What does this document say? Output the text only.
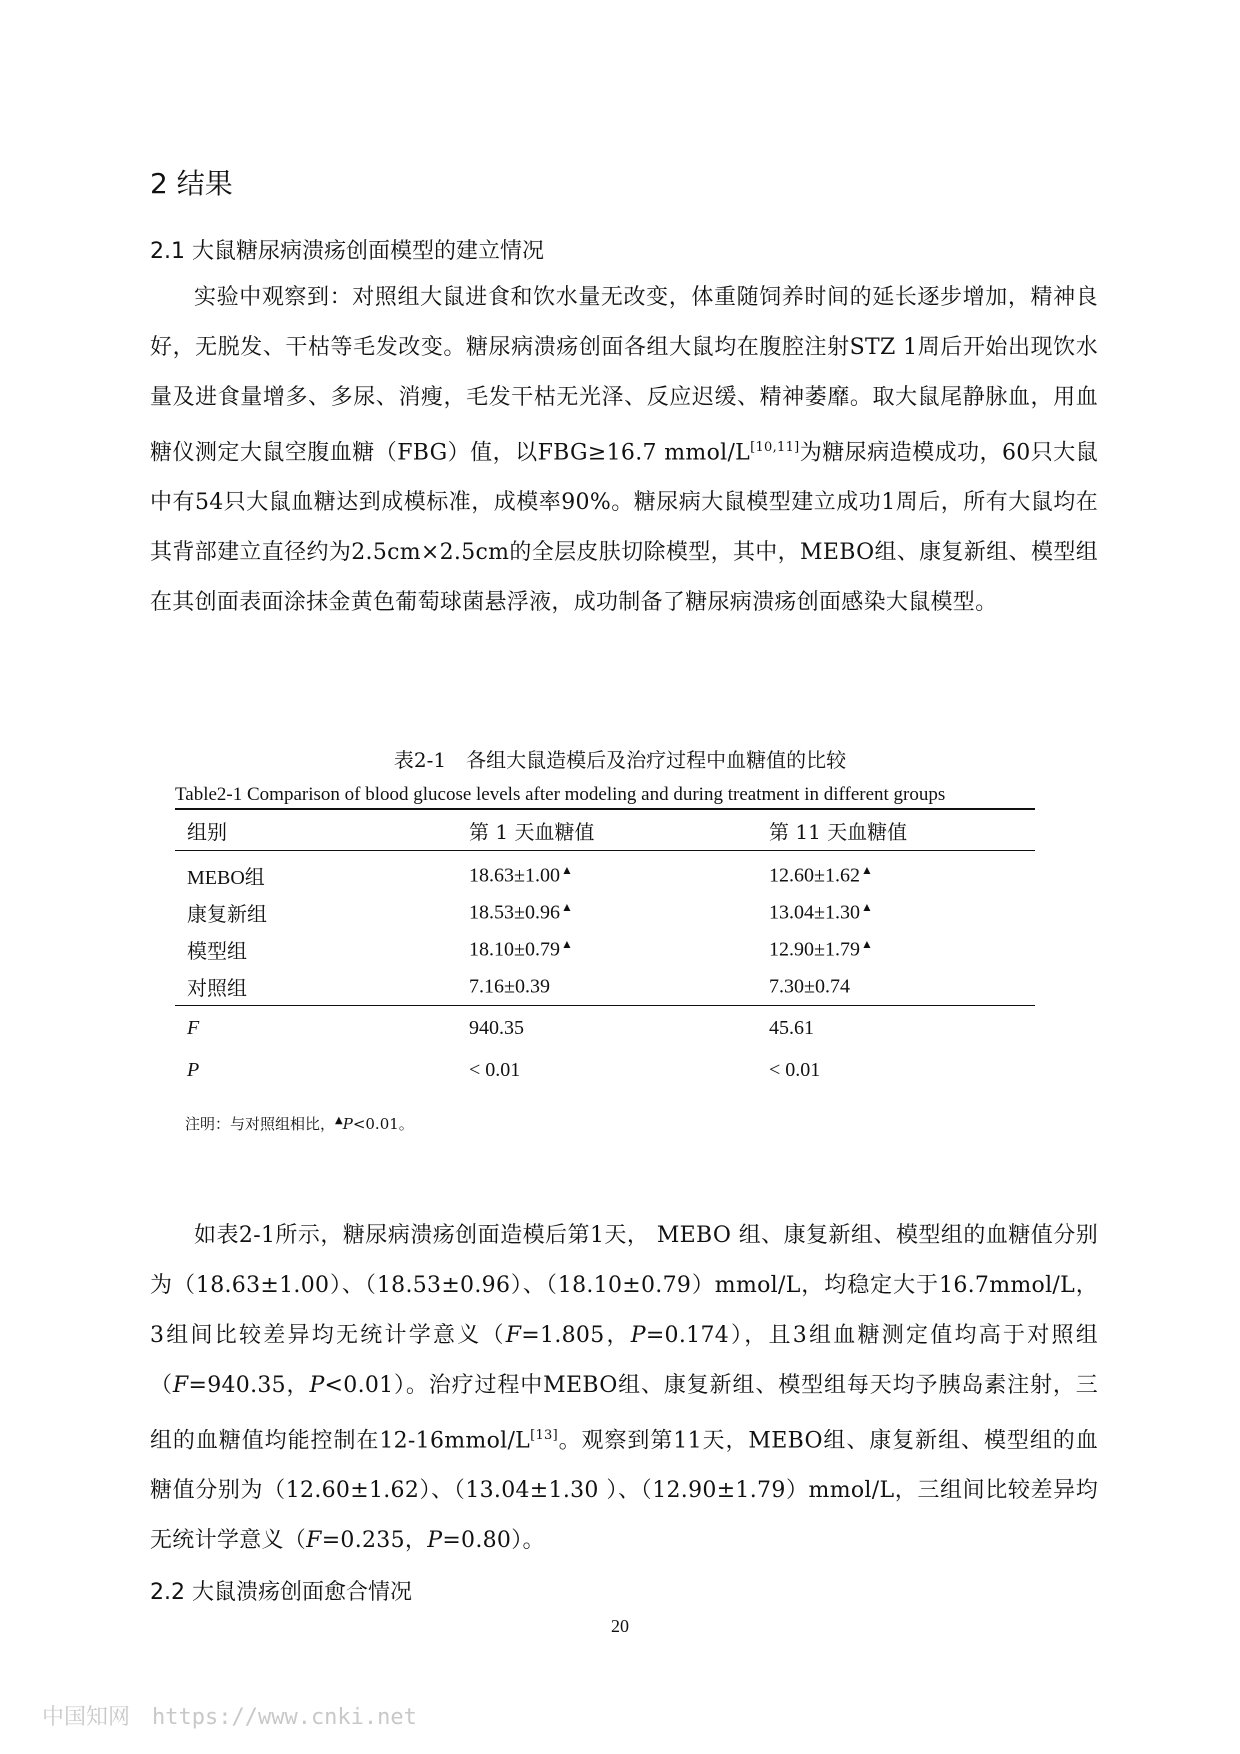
2 结果
2.1 大鼠糖尿病溃疡创面模型的建立情况

实验中观察到：对照组大鼠进食和饮水量无改变，体重随饲养时间的延长逐步增加，精神良好，无脱发、干枯等毛发改变。糖尿病溃疡创面各组大鼠均在腹腔注射STZ 1周后开始出现饮水量及进食量增多、多尿、消瘦，毛发干枯无光泽、反应迟缓、精神萎靡。取大鼠尾静脉血，用血糖仪测定大鼠空腹血糖（FBG）值，以FBG≥16.7 mmol/L[10,11]为糖尿病造模成功，60只大鼠中有54只大鼠血糖达到成模标准，成模率90%。糖尿病大鼠模型建立成功1周后，所有大鼠均在其背部建立直径约为2.5cm×2.5cm的全层皮肤切除模型，其中，MEBO组、康复新组、模型组在其创面表面涂抹金黄色葡萄球菌悬浮液，成功制备了糖尿病溃疡创面感染大鼠模型。

表2-1　各组大鼠造模后及治疗过程中血糖值的比较
Table2-1 Comparison of blood glucose levels after modeling and during treatment in different groups
组别	第 1 天血糖值	第 11 天血糖值
MEBO组	18.63±1.00▲	12.60±1.62▲
康复新组	18.53±0.96▲	13.04±1.30▲
模型组	18.10±0.79▲	12.90±1.79▲
对照组	7.16±0.39	7.30±0.74
F	940.35	45.61
P	< 0.01	< 0.01
注明：与对照组相比，▲P<0.01。

如表2-1所示，糖尿病溃疡创面造模后第1天， MEBO 组、康复新组、模型组的血糖值分别为（18.63±1.00）、（18.53±0.96）、（18.10±0.79）mmol/L，均稳定大于16.7mmol/L，3组间比较差异均无统计学意义（F=1.805，P=0.174），且3组血糖测定值均高于对照组（F=940.35，P<0.01）。治疗过程中MEBO组、康复新组、模型组每天均予胰岛素注射，三组的血糖值均能控制在12-16mmol/L[13]。观察到第11天，MEBO组、康复新组、模型组的血糖值分别为（12.60±1.62）、（13.04±1.30 ）、（12.90±1.79）mmol/L，三组间比较差异均无统计学意义（F=0.235，P=0.80）。

2.2 大鼠溃疡创面愈合情况
20
中国知网　https://www.cnki.net
